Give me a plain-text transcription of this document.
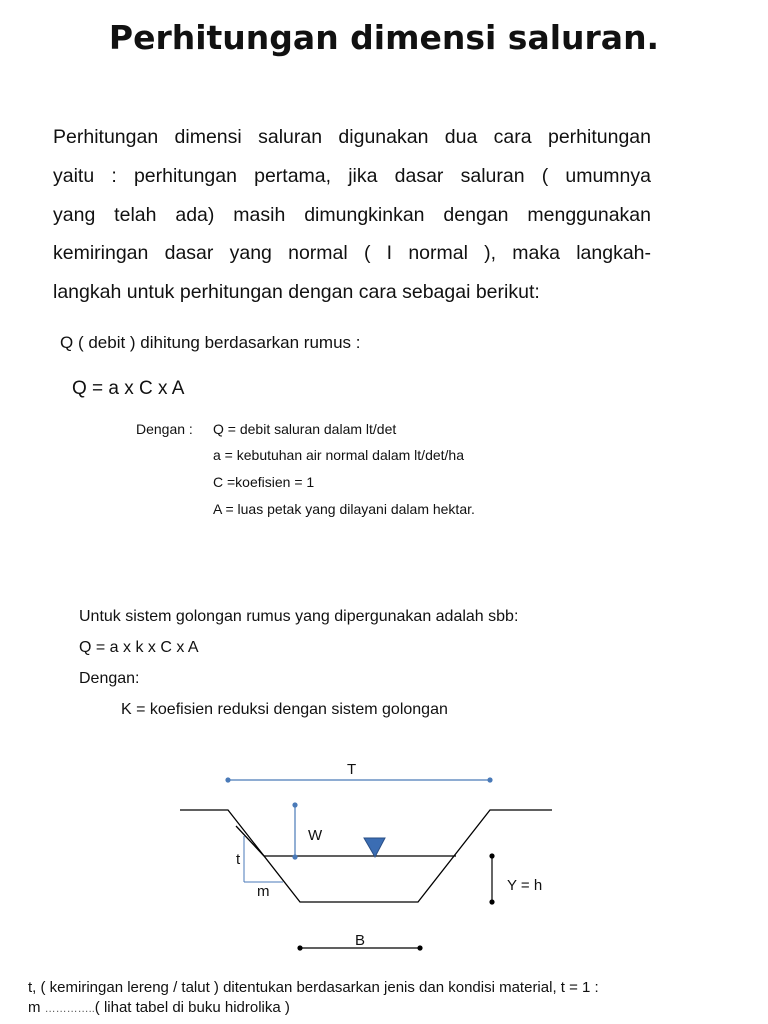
Perhitungan dimensi saluran.
Perhitungan dimensi saluran digunakan dua cara perhitungan
yaitu : perhitungan pertama, jika dasar saluran ( umumnya
yang telah ada) masih dimungkinkan dengan menggunakan
kemiringan dasar yang normal ( I normal ), maka langkah-
langkah untuk perhitungan dengan cara sebagai berikut:
Q ( debit ) dihitung berdasarkan rumus :
Q = a x C x A
Dengan : Q = debit saluran dalam lt/det
a = kebutuhan air normal dalam lt/det/ha
C =koefisien = 1
A = luas petak yang dilayani dalam hektar.
Untuk sistem golongan rumus yang dipergunakan adalah sbb:
Q = a x k x C x A
Dengan:
K = koefisien reduksi dengan sistem golongan
T
W
t
m	Y = h
B
t, ( kemiringan lereng / talut ) ditentukan berdasarkan jenis dan kondisi material, t = 1 :
m …………..( lihat tabel di buku hidrolika )
